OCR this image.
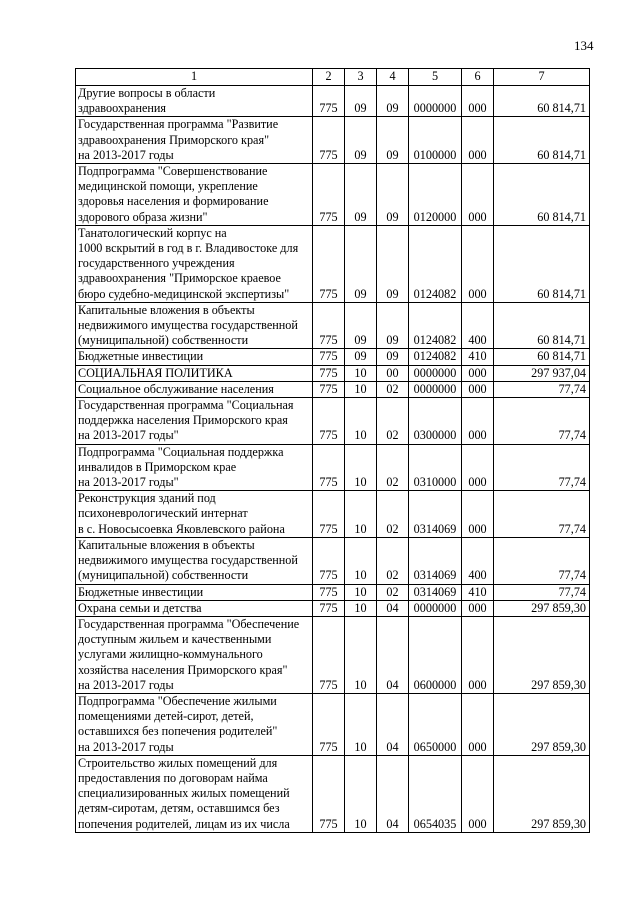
134
1	2	3	4	5	6	7
Другие вопросы в области
здравоохранения	775	09	09	0000000	000	60 814,71
Государственная программа "Развитие
здравоохранения Приморского края"
на 2013-2017 годы	775	09	09	0100000	000	60 814,71
Подпрограмма "Совершенствование
медицинской помощи, укрепление
здоровья населения и формирование
здорового образа жизни"	775	09	09	0120000	000	60 814,71
Танатологический корпус на
1000 вскрытий в год в г. Владивостоке для
государственного учреждения
здравоохранения "Приморское краевое
бюро судебно-медицинской экспертизы"	775	09	09	0124082	000	60 814,71
Капитальные вложения в объекты
недвижимого имущества государственной
(муниципальной) собственности	775	09	09	0124082	400	60 814,71
Бюджетные инвестиции	775	09	09	0124082	410	60 814,71
СОЦИАЛЬНАЯ ПОЛИТИКА	775	10	00	0000000	000	297 937,04
Социальное обслуживание населения	775	10	02	0000000	000	77,74
Государственная программа "Социальная
поддержка населения Приморского края
на 2013-2017 годы"	775	10	02	0300000	000	77,74
Подпрограмма "Социальная поддержка
инвалидов в Приморском крае
на 2013-2017 годы"	775	10	02	0310000	000	77,74
Реконструкция зданий под
психоневрологический интернат
в с. Новосысоевка Яковлевского района	775	10	02	0314069	000	77,74
Капитальные вложения в объекты
недвижимого имущества государственной
(муниципальной) собственности	775	10	02	0314069	400	77,74
Бюджетные инвестиции	775	10	02	0314069	410	77,74
Охрана семьи и детства	775	10	04	0000000	000	297 859,30
Государственная программа "Обеспечение
доступным жильем и качественными
услугами жилищно-коммунального
хозяйства населения Приморского края"
на 2013-2017 годы	775	10	04	0600000	000	297 859,30
Подпрограмма "Обеспечение жилыми
помещениями детей-сирот, детей,
оставшихся без попечения родителей"
на 2013-2017 годы	775	10	04	0650000	000	297 859,30
Строительство жилых помещений для
предоставления по договорам найма
специализированных жилых помещений
детям-сиротам, детям, оставшимся без
попечения родителей, лицам из их числа	775	10	04	0654035	000	297 859,30
